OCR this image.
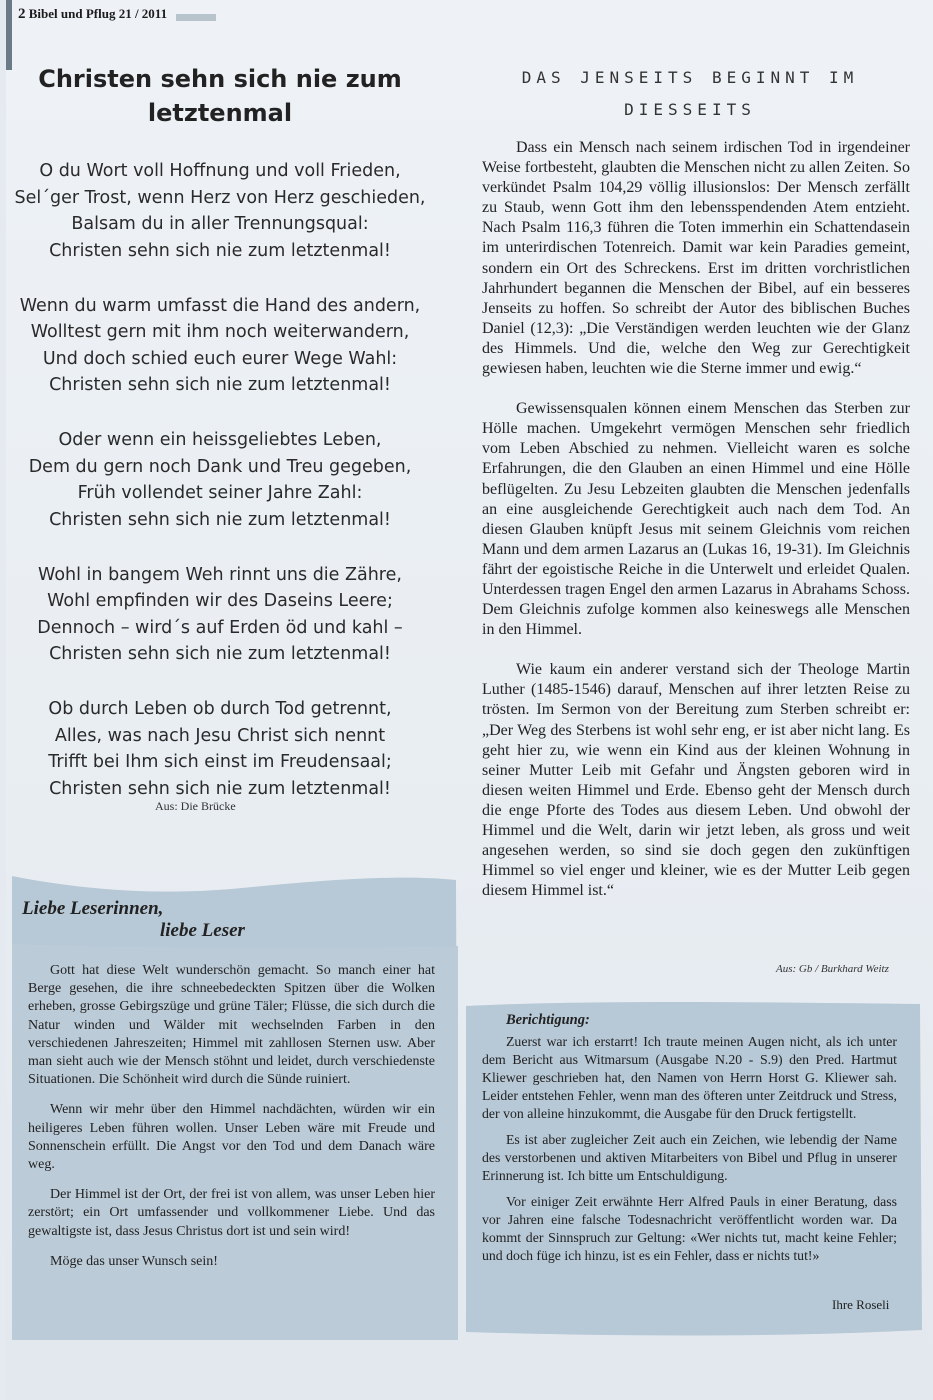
2 Bibel und Pflug 21 / 2011
Christen sehn sich nie zum
letztenmal
O du Wort voll Hoffnung und voll Frieden,
Sel´ger Trost, wenn Herz von Herz geschieden,
Balsam du in aller Trennungsqual:
Christen sehn sich nie zum letztenmal!
Wenn du warm umfasst die Hand des andern,
Wolltest gern mit ihm noch weiterwandern,
Und doch schied euch eurer Wege Wahl:
Christen sehn sich nie zum letztenmal!
Oder wenn ein heissgeliebtes Leben,
Dem du gern noch Dank und Treu gegeben,
Früh vollendet seiner Jahre Zahl:
Christen sehn sich nie zum letztenmal!
Wohl in bangem Weh rinnt uns die Zähre,
Wohl empfinden wir des Daseins Leere;
Dennoch – wird´s auf Erden öd und kahl –
Christen sehn sich nie zum letztenmal!
Ob durch Leben ob durch Tod getrennt,
Alles, was nach Jesu Christ sich nennt
Trifft bei Ihm sich einst im Freudensaal;
Christen sehn sich nie zum letztenmal!
Aus: Die Brücke
DAS JENSEITS BEGINNT IM
DIESSEITS

Dass ein Mensch nach seinem irdischen Tod in irgendeiner Weise fortbesteht, glaubten die Menschen nicht zu allen Zeiten. So verkündet Psalm 104,29 völlig illusionslos: Der Mensch zerfällt zu Staub, wenn Gott ihm den lebensspendenden Atem entzieht. Nach Psalm 116,3 führen die Toten immerhin ein Schattendasein im unterirdischen Totenreich. Damit war kein Paradies gemeint, sondern ein Ort des Schreckens. Erst im dritten vorchristlichen Jahrhundert begannen die Menschen der Bibel, auf ein besseres Jenseits zu hoffen. So schreibt der Autor des biblischen Buches Daniel (12,3): „Die Verständigen werden leuchten wie der Glanz des Himmels. Und die, welche den Weg zur Gerechtigkeit gewiesen haben, leuchten wie die Sterne immer und ewig.“

Gewissensqualen können einem Menschen das Sterben zur Hölle machen. Umgekehrt vermögen Menschen sehr friedlich vom Leben Abschied zu nehmen. Vielleicht waren es solche Erfahrungen, die den Glauben an einen Himmel und eine Hölle beflügelten. Zu Jesu Lebzeiten glaubten die Menschen jedenfalls an eine ausgleichende Gerechtigkeit auch nach dem Tod. An diesen Glauben knüpft Jesus mit seinem Gleichnis vom reichen Mann und dem armen Lazarus an (Lukas 16, 19-31). Im Gleichnis fährt der egoistische Reiche in die Unterwelt und erleidet Qualen. Unterdessen tragen Engel den armen Lazarus in Abrahams Schoss. Dem Gleichnis zufolge kommen also keineswegs alle Menschen in den Himmel.

Wie kaum ein anderer verstand sich der Theologe Martin Luther (1485-1546) darauf, Menschen auf ihrer letzten Reise zu trösten. Im Sermon von der Bereitung zum Sterben schreibt er: „Der Weg des Sterbens ist wohl sehr eng, er ist aber nicht lang. Es geht hier zu, wie wenn ein Kind aus der kleinen Wohnung in seiner Mutter Leib mit Gefahr und Ängsten geboren wird in diesen weiten Himmel und Erde. Ebenso geht der Mensch durch die enge Pforte des Todes aus diesem Leben. Und obwohl der Himmel und die Welt, darin wir jetzt leben, als gross und weit angesehen werden, so sind sie doch gegen den zukünftigen Himmel so viel enger und kleiner, wie es der Mutter Leib gegen diesem Himmel ist.“

Aus: Gb / Burkhard Weitz
Liebe Leserinnen,
liebe Leser

Gott hat diese Welt wunderschön gemacht. So manch einer hat Berge gesehen, die ihre schneebedeckten Spitzen über die Wolken erheben, grosse Gebirgszüge und grüne Täler; Flüsse, die sich durch die Natur winden und Wälder mit wechselnden Farben in den verschiedenen Jahreszeiten; Himmel mit zahllosen Sternen usw. Aber man sieht auch wie der Mensch stöhnt und leidet, durch verschiedenste Situationen. Die Schönheit wird durch die Sünde ruiniert.

Wenn wir mehr über den Himmel nachdächten, würden wir ein heiligeres Leben führen wollen. Unser Leben wäre mit Freude und Sonnenschein erfüllt. Die Angst vor den Tod und dem Danach wäre weg.

Der Himmel ist der Ort, der frei ist von allem, was unser Leben hier zerstört; ein Ort umfassender und vollkommener Liebe. Und das gewaltigste ist, dass Jesus Christus dort ist und sein wird!

Möge das unser Wunsch sein!

Berichtigung:

Zuerst war ich erstarrt! Ich traute meinen Augen nicht, als ich unter dem Bericht aus Witmarsum (Ausgabe N.20 - S.9) den Pred. Hartmut Kliewer geschrieben hat, den Namen von Herrn Horst G. Kliewer sah. Leider entstehen Fehler, wenn man des öfteren unter Zeitdruck und Stress, der von alleine hinzukommt, die Ausgabe für den Druck fertigstellt.

Es ist aber zugleicher Zeit auch ein Zeichen, wie lebendig der Name des verstorbenen und aktiven Mitarbeiters von Bibel und Pflug in unserer Erinnerung ist. Ich bitte um Entschuldigung.

Vor einiger Zeit erwähnte Herr Alfred Pauls in einer Beratung, dass vor Jahren eine falsche Todesnachricht veröffentlicht worden war. Da kommt der Sinnspruch zur Geltung: «Wer nichts tut, macht keine Fehler; und doch füge ich hinzu, ist es ein Fehler, dass er nichts tut!»

Ihre Roseli
